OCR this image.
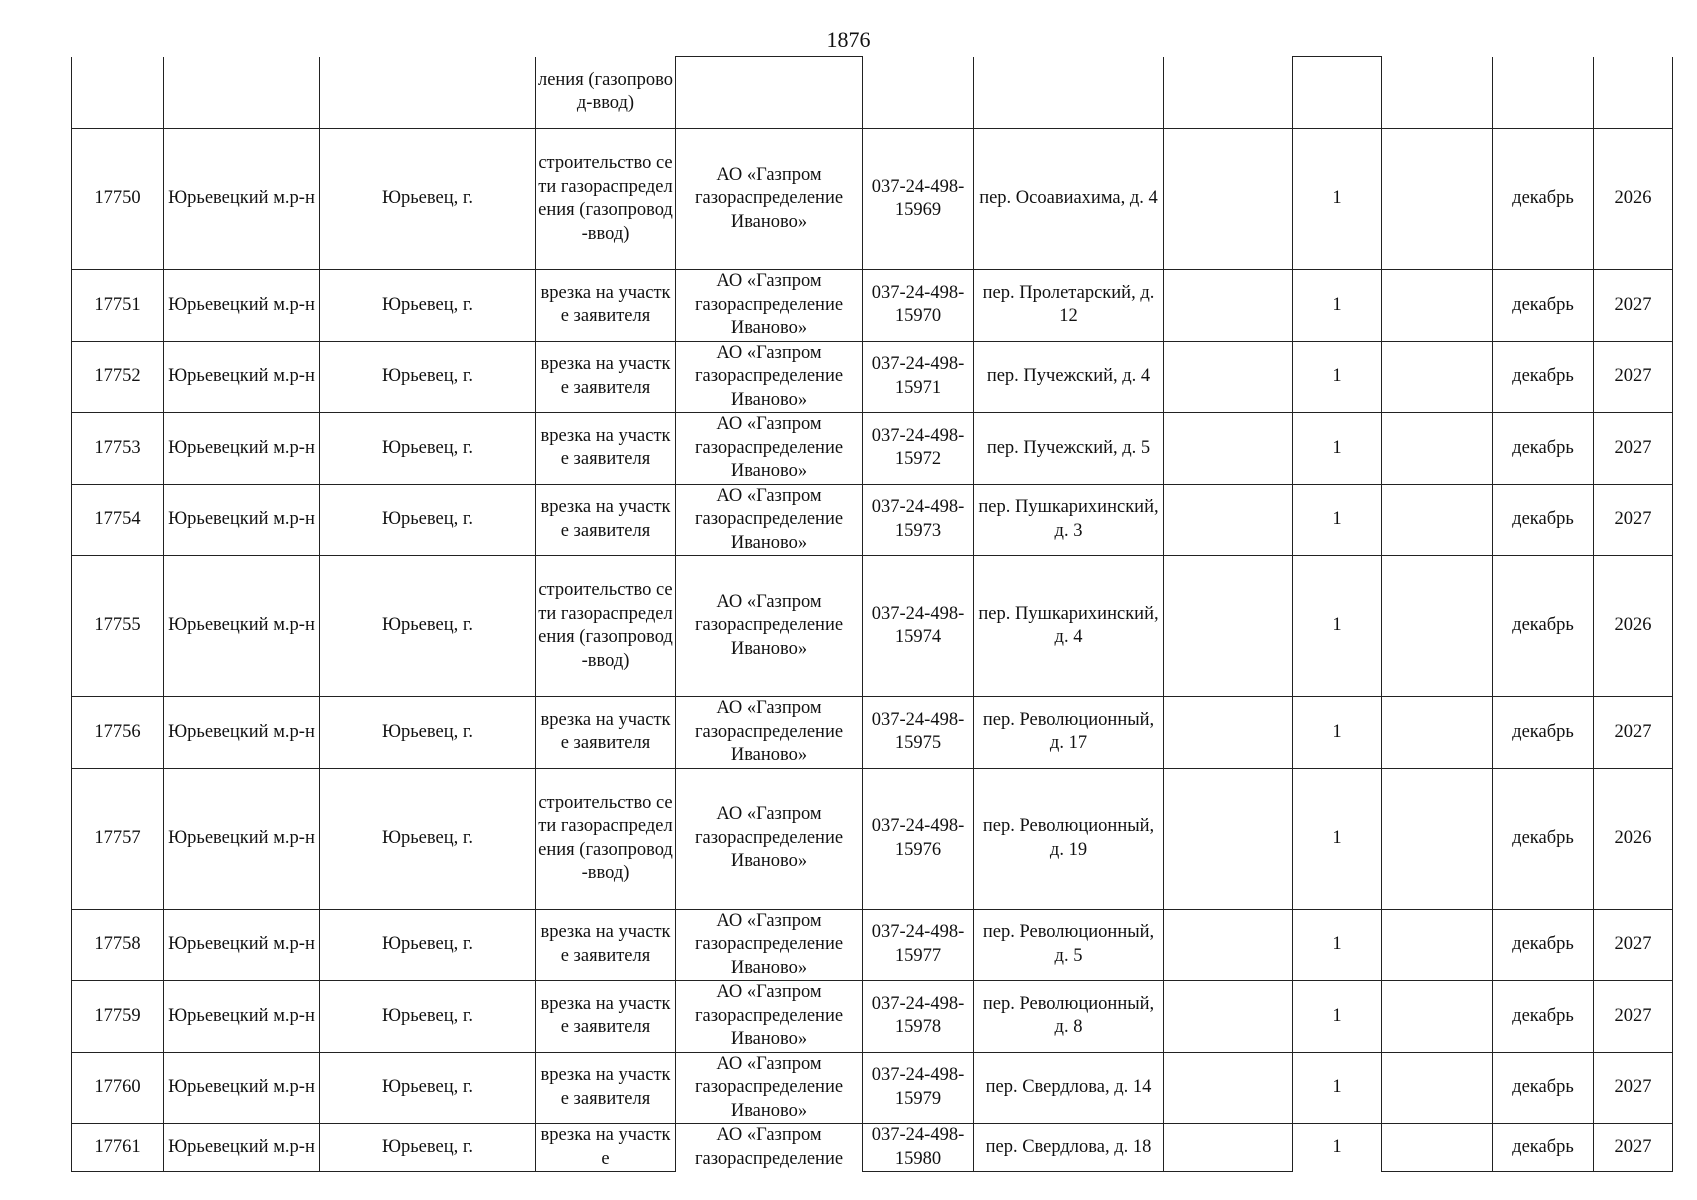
1876
			ления (газопровод-ввод)								
17750	Юрьевецкий м.р-н	Юрьевец, г.	строительство сети газораспределения (газопровод-ввод)	АО «Газпром газораспределение Иваново»	037-24-498-15969	пер. Осоавиахима, д. 4		1		декабрь	2026
17751	Юрьевецкий м.р-н	Юрьевец, г.	врезка на участке заявителя	АО «Газпром газораспределение Иваново»	037-24-498-15970	пер. Пролетарский, д. 12		1		декабрь	2027
17752	Юрьевецкий м.р-н	Юрьевец, г.	врезка на участке заявителя	АО «Газпром газораспределение Иваново»	037-24-498-15971	пер. Пучежский, д. 4		1		декабрь	2027
17753	Юрьевецкий м.р-н	Юрьевец, г.	врезка на участке заявителя	АО «Газпром газораспределение Иваново»	037-24-498-15972	пер. Пучежский, д. 5		1		декабрь	2027
17754	Юрьевецкий м.р-н	Юрьевец, г.	врезка на участке заявителя	АО «Газпром газораспределение Иваново»	037-24-498-15973	пер. Пушкарихинский, д. 3		1		декабрь	2027
17755	Юрьевецкий м.р-н	Юрьевец, г.	строительство сети газораспределения (газопровод-ввод)	АО «Газпром газораспределение Иваново»	037-24-498-15974	пер. Пушкарихинский, д. 4		1		декабрь	2026
17756	Юрьевецкий м.р-н	Юрьевец, г.	врезка на участке заявителя	АО «Газпром газораспределение Иваново»	037-24-498-15975	пер. Революционный, д. 17		1		декабрь	2027
17757	Юрьевецкий м.р-н	Юрьевец, г.	строительство сети газораспределения (газопровод-ввод)	АО «Газпром газораспределение Иваново»	037-24-498-15976	пер. Революционный, д. 19		1		декабрь	2026
17758	Юрьевецкий м.р-н	Юрьевец, г.	врезка на участке заявителя	АО «Газпром газораспределение Иваново»	037-24-498-15977	пер. Революционный, д. 5		1		декабрь	2027
17759	Юрьевецкий м.р-н	Юрьевец, г.	врезка на участке заявителя	АО «Газпром газораспределение Иваново»	037-24-498-15978	пер. Революционный, д. 8		1		декабрь	2027
17760	Юрьевецкий м.р-н	Юрьевец, г.	врезка на участке заявителя	АО «Газпром газораспределение Иваново»	037-24-498-15979	пер. Свердлова, д. 14		1		декабрь	2027
17761	Юрьевецкий м.р-н	Юрьевец, г.	врезка на участке	АО «Газпром газораспределение	037-24-498-15980	пер. Свердлова, д. 18		1		декабрь	2027
